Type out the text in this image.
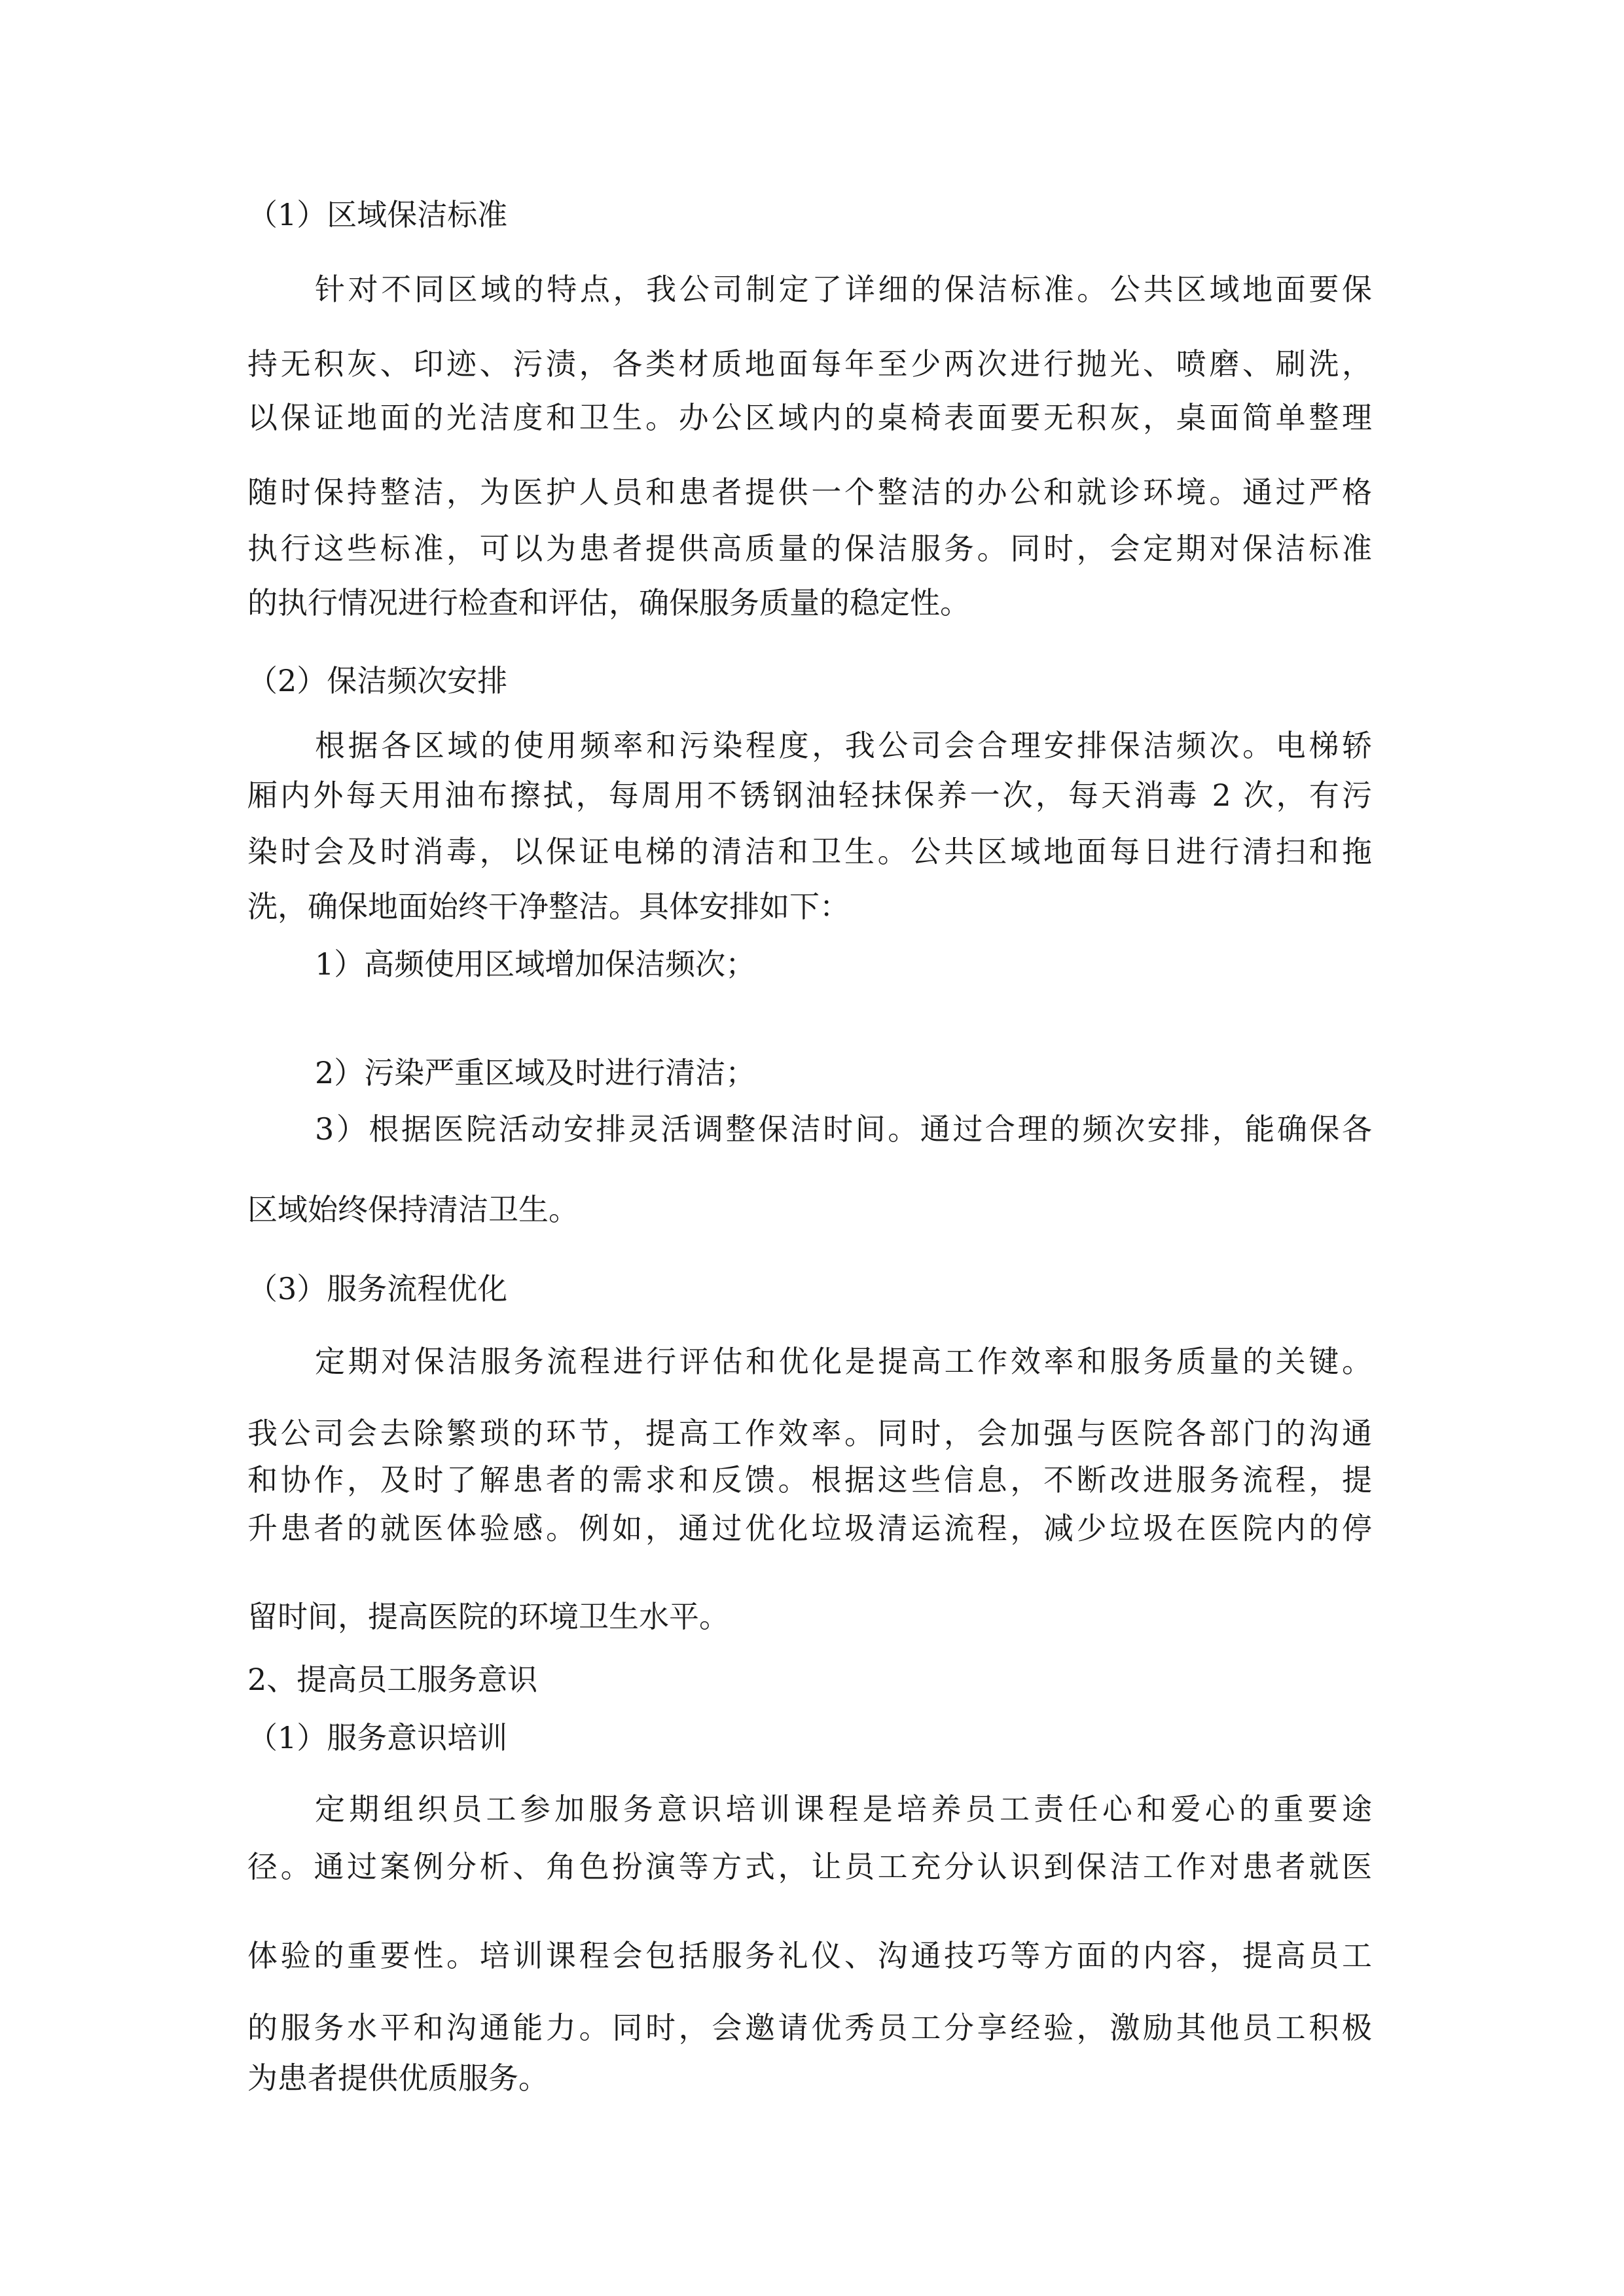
（1）区域保洁标准

针对不同区域的特点，我公司制定了详细的保洁标准。公共区域地面要保

持无积灰、印迹、污渍，各类材质地面每年至少两次进行抛光、喷磨、刷洗，

以保证地面的光洁度和卫生。办公区域内的桌椅表面要无积灰，桌面简单整理

随时保持整洁，为医护人员和患者提供一个整洁的办公和就诊环境。通过严格

执行这些标准，可以为患者提供高质量的保洁服务。同时，会定期对保洁标准

的执行情况进行检查和评估，确保服务质量的稳定性。

（2）保洁频次安排

根据各区域的使用频率和污染程度，我公司会合理安排保洁频次。电梯轿

厢内外每天用油布擦拭，每周用不锈钢油轻抹保养一次，每天消毒 2 次，有污

染时会及时消毒，以保证电梯的清洁和卫生。公共区域地面每日进行清扫和拖

洗，确保地面始终干净整洁。具体安排如下：

1）高频使用区域增加保洁频次；

2）污染严重区域及时进行清洁；

3）根据医院活动安排灵活调整保洁时间。通过合理的频次安排，能确保各

区域始终保持清洁卫生。

（3）服务流程优化

定期对保洁服务流程进行评估和优化是提高工作效率和服务质量的关键。

我公司会去除繁琐的环节，提高工作效率。同时，会加强与医院各部门的沟通

和协作，及时了解患者的需求和反馈。根据这些信息，不断改进服务流程，提

升患者的就医体验感。例如，通过优化垃圾清运流程，减少垃圾在医院内的停

留时间，提高医院的环境卫生水平。

2、提高员工服务意识

（1）服务意识培训

定期组织员工参加服务意识培训课程是培养员工责任心和爱心的重要途

径。通过案例分析、角色扮演等方式，让员工充分认识到保洁工作对患者就医

体验的重要性。培训课程会包括服务礼仪、沟通技巧等方面的内容，提高员工

的服务水平和沟通能力。同时，会邀请优秀员工分享经验，激励其他员工积极

为患者提供优质服务。
